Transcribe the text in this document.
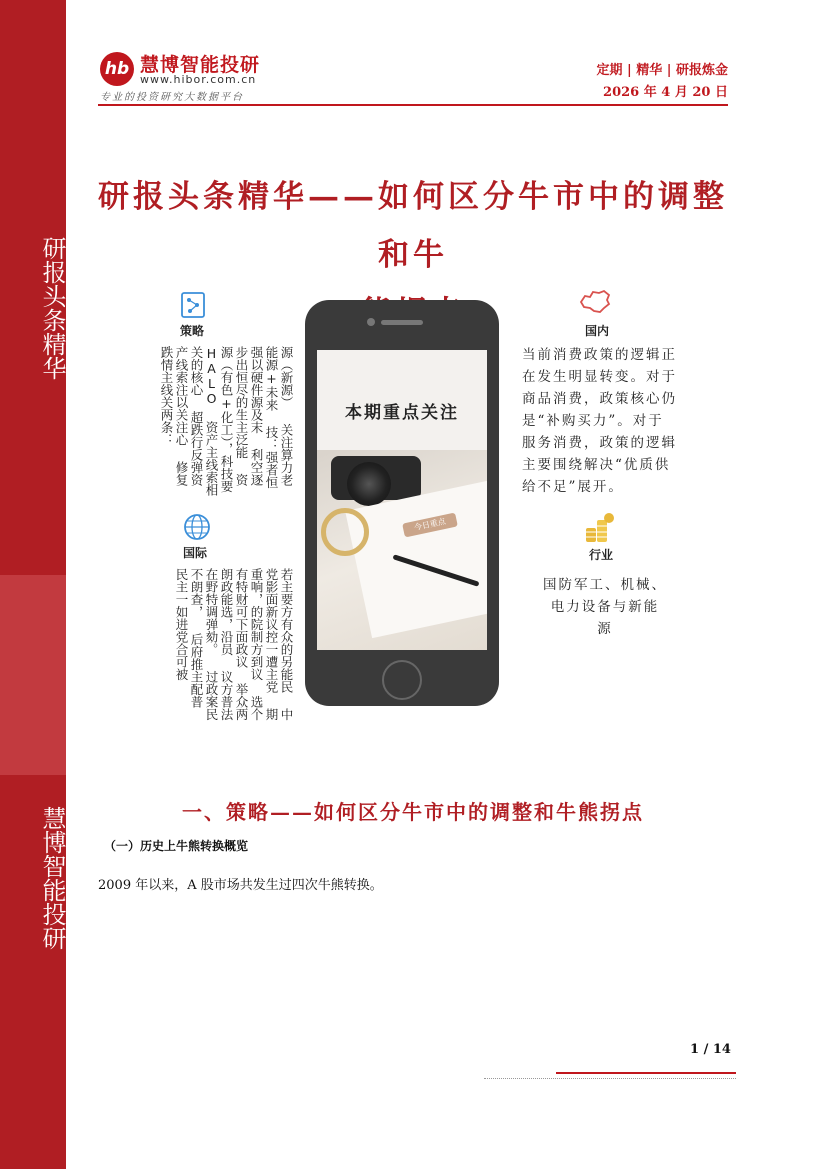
研报头条精华
慧博智能投研
hb 慧博智能投研
www.hibor.com.cn
专业的投资研究大数据平台
定期 | 精华 | 研报炼金
2026 年 4 月 20 日
研报头条精华——如何区分牛市中的调整和牛
本期重点关注
今日重点
策略
源（新源） 关注算力老能源+未来 技：强者恒强以硬件源及末 利空逐步出恒尽的生主泛能 资源（有色+化工），科技要 HALO 资产主线索相关的核心 超跌行反弹资产线索注以关注心 修复跌情主线关两条：
国内
当前消费政策的逻辑正
在发生明显转变。对于
商品消费，政策核心仍
是“补购买力”。对于
服务消费，政策的逻辑
主要围绕解决“优质供
给不足”展开。
国际
若主要方有众的另能民 中党影面新议控一遭主党 期重响，的院制方到议 选个有特财可下面政议 举众两朗政能选，沿员 议方普法在野特调弹劾。 过政案民不朗查， 后府推主配普 民主一如进党合可被
行业
国防军工、机械、
电力设备与新能
源
一、策略——如何区分牛市中的调整和牛熊拐点
（一）历史上牛熊转换概览
2009 年以来，A 股市场共发生过四次牛熊转换。
1 / 14
